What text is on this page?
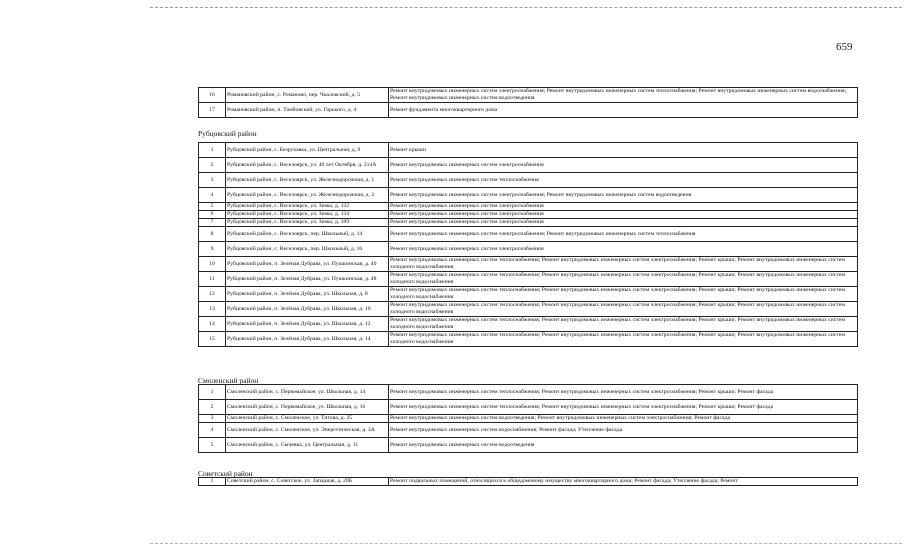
659
16	Романовский район, с. Романово, пер. Чкаловский, д. 5	Ремонт внутридомовых инженерных систем электроснабжения; Ремонт внутридомовых инженерных систем теплоснабжения; Ремонт внутридомовых инженерных систем водоснабжения; Ремонт внутридомовых инженерных систем водоотведения
17	Романовский район, п. Тамбовский, ул. Горького, д. 4	Ремонт фундамента многоквартирного дома
Рубцовский район
1	Рубцовский район, с. Безрукавка, ул. Центральная, д. 9	Ремонт крыши
2	Рубцовский район, с. Веселоярск, ул. 40 лет Октября, д. 214А	Ремонт внутридомовых инженерных систем электроснабжения
3	Рубцовский район, с. Веселоярск, ул. Железнодорожная, д. 1	Ремонт внутридомовых инженерных систем теплоснабжения
4	Рубцовский район, с. Веселоярск, ул. Железнодорожная, д. 2	Ремонт внутридомовых инженерных систем электроснабжения; Ремонт внутридомовых инженерных систем водоотведения
5	Рубцовский район, с. Веселоярск, ул. Зимы, д. 132	Ремонт внутридомовых инженерных систем электроснабжения
6	Рубцовский район, с. Веселоярск, ул. Зимы, д. 134	Ремонт внутридомовых инженерных систем электроснабжения
7	Рубцовский район, с. Веселоярск, ул. Зимы, д. 189	Ремонт внутридомовых инженерных систем электроснабжения
8	Рубцовский район, с. Веселоярск, пер. Школьный, д. 14	Ремонт внутридомовых инженерных систем электроснабжения; Ремонт внутридомовых инженерных систем теплоснабжения
9	Рубцовский район, с. Веселоярск, пер. Школьный, д. 16	Ремонт внутридомовых инженерных систем электроснабжения
10	Рубцовский район, п. Зелёная Дубрава, ул. Пушкинская, д. 40	Ремонт внутридомовых инженерных систем теплоснабжения; Ремонт внутридомовых инженерных систем электроснабжения; Ремонт крыши; Ремонт внутридомовых инженерных систем холодного водоснабжения
11	Рубцовский район, п. Зелёная Дубрава, ул. Пушкинская, д. 48	Ремонт внутридомовых инженерных систем теплоснабжения; Ремонт внутридомовых инженерных систем электроснабжения; Ремонт крыши; Ремонт внутридомовых инженерных систем холодного водоснабжения
12	Рубцовский район, п. Зелёная Дубрава, ул. Школьная, д. 8	Ремонт внутридомовых инженерных систем теплоснабжения; Ремонт внутридомовых инженерных систем электроснабжения; Ремонт крыши; Ремонт внутридомовых инженерных систем холодного водоснабжения
13	Рубцовский район, п. Зелёная Дубрава, ул. Школьная, д. 10	Ремонт внутридомовых инженерных систем теплоснабжения; Ремонт внутридомовых инженерных систем электроснабжения; Ремонт крыши; Ремонт внутридомовых инженерных систем холодного водоснабжения
14	Рубцовский район, п. Зелёная Дубрава, ул. Школьная, д. 12	Ремонт внутридомовых инженерных систем теплоснабжения; Ремонт внутридомовых инженерных систем электроснабжения; Ремонт крыши; Ремонт внутридомовых инженерных систем холодного водоснабжения
15	Рубцовский район, п. Зелёная Дубрава, ул. Школьная, д. 14	Ремонт внутридомовых инженерных систем теплоснабжения; Ремонт внутридомовых инженерных систем электроснабжения; Ремонт крыши; Ремонт внутридомовых инженерных систем холодного водоснабжения
Смоленский район
1	Смоленский район, с. Первомайское, ул. Школьная, д. 14	Ремонт внутридомовых инженерных систем теплоснабжения; Ремонт внутридомовых инженерных систем электроснабжения; Ремонт крыши; Ремонт фасада
2	Смоленский район, с. Первомайское, ул. Школьная, д. 16	Ремонт внутридомовых инженерных систем теплоснабжения; Ремонт внутридомовых инженерных систем электроснабжения; Ремонт крыши; Ремонт фасада
3	Смоленский район, с. Смоленское, ул. Титова, д. 25	Ремонт внутридомовых инженерных систем водоотведения; Ремонт внутридомовых инженерных систем электроснабжения; Ремонт фасада
4	Смоленский район, с. Смоленское, ул. Энергетическая, д. 3А	Ремонт внутридомовых инженерных систем водоснабжения; Ремонт фасада; Утепление фасада
5	Смоленский район, с. Сычевка, ул. Центральная, д. 11	Ремонт внутридомовых инженерных систем водоотведения
Советский район
1	Советский район, с. Советское, ул. Западная, д. 20Б	Ремонт подвальных помещений, относящихся к общедомовому имуществу многоквартирного дома; Ремонт фасада; Утепление фасада; Ремонт
